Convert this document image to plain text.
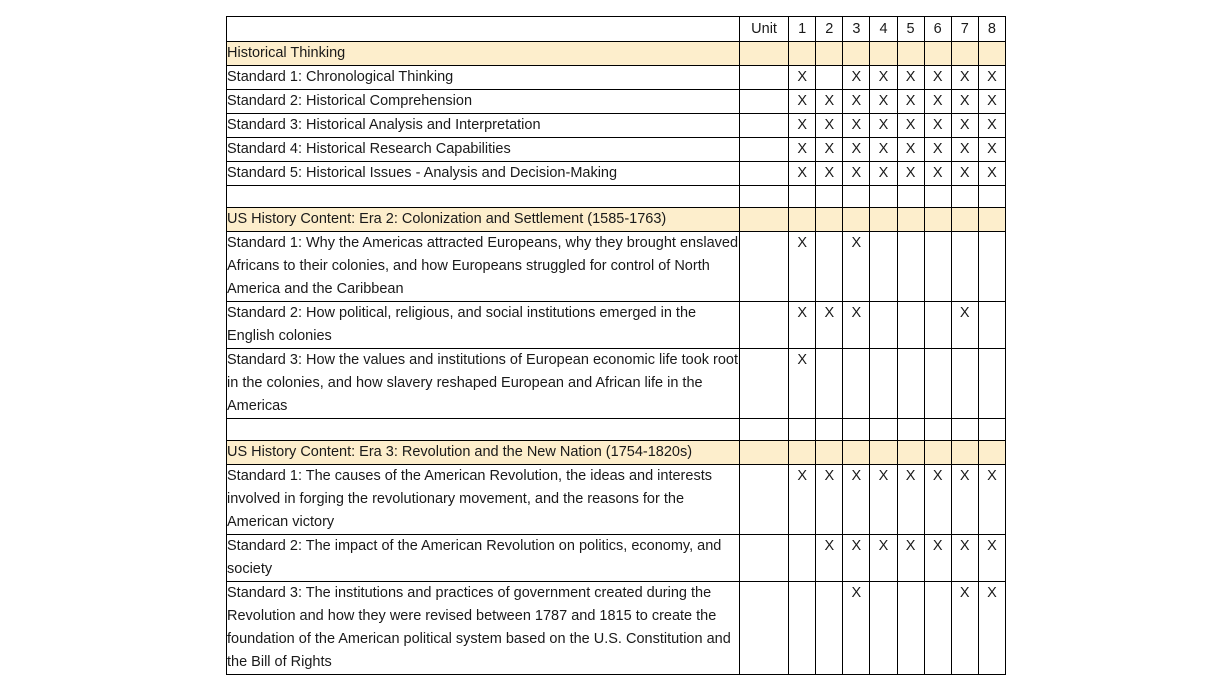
	Unit	1	2	3	4	5	6	7	8
Historical Thinking									
Standard 1: Chronological Thinking		X		X	X	X	X	X	X
Standard 2: Historical Comprehension		X	X	X	X	X	X	X	X
Standard 3: Historical Analysis and Interpretation		X	X	X	X	X	X	X	X
Standard 4: Historical Research Capabilities		X	X	X	X	X	X	X	X
Standard 5: Historical Issues - Analysis and Decision-Making		X	X	X	X	X	X	X	X

US History Content: Era 2: Colonization and Settlement (1585-1763)									
Standard 1: Why the Americas attracted Europeans, why they brought enslaved Africans to their colonies, and how Europeans struggled for control of North America and the Caribbean		X		X					
Standard 2: How political, religious, and social institutions emerged in the English colonies		X	X	X				X	
Standard 3: How the values and institutions of European economic life took root in the colonies, and how slavery reshaped European and African life in the Americas		X							

US History Content: Era 3: Revolution and the New Nation (1754-1820s)									
Standard 1: The causes of the American Revolution, the ideas and interests involved in forging the revolutionary movement, and the reasons for the American victory		X	X	X	X	X	X	X	X
Standard 2: The impact of the American Revolution on politics, economy, and society			X	X	X	X	X	X	X
Standard 3: The institutions and practices of government created during the Revolution and how they were revised between 1787 and 1815 to create the foundation of the American political system based on the U.S. Constitution and the Bill of Rights				X				X	X
